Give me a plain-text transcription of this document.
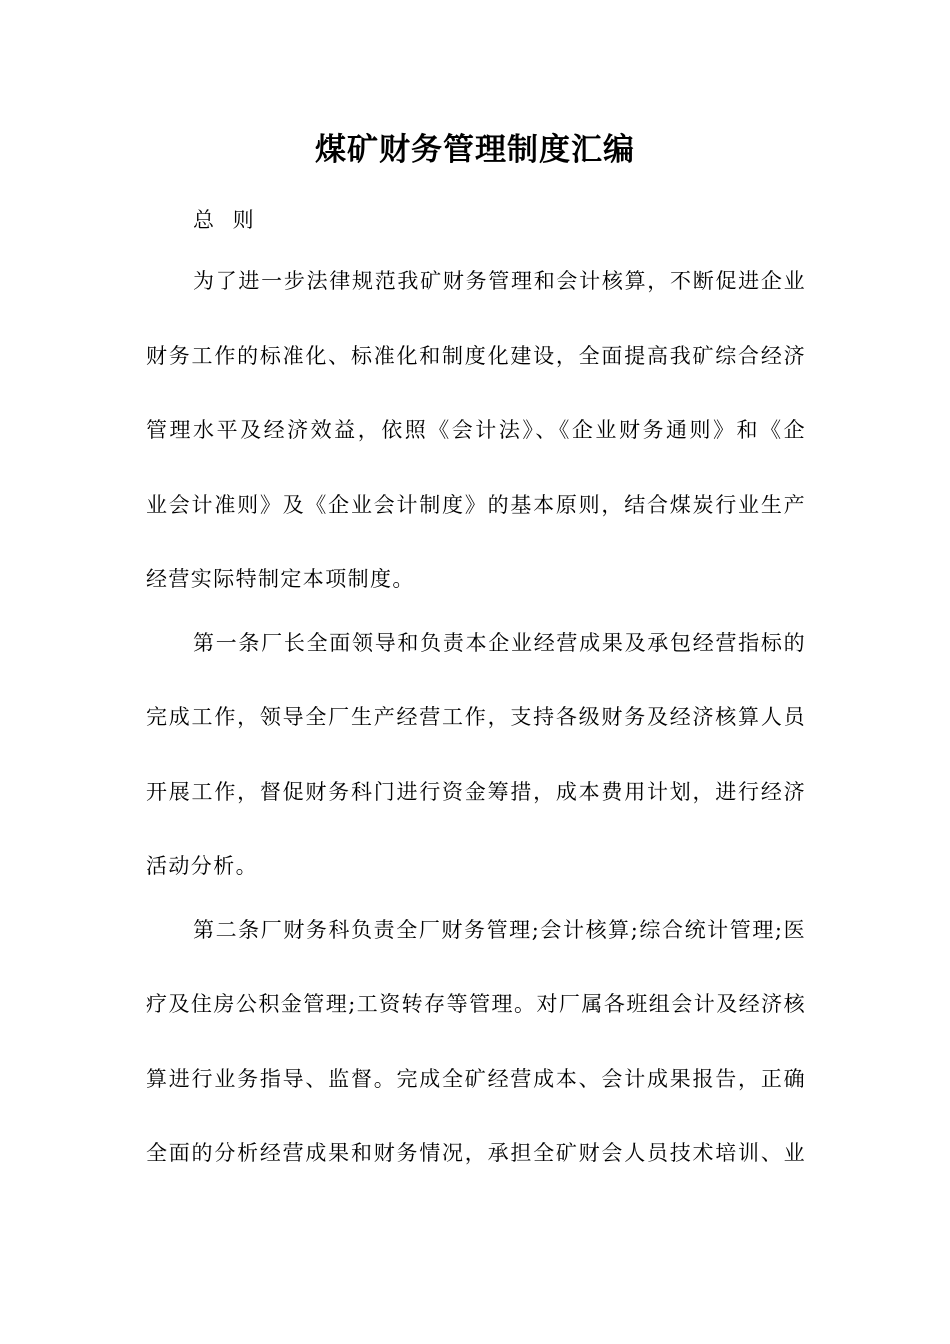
煤矿财务管理制度汇编
总 则
为了进一步法律规范我矿财务管理和会计核算，不断促进企业
财务工作的标准化、标准化和制度化建设，全面提高我矿综合经济
管理水平及经济效益，依照《会计法》、《企业财务通则》和《企
业会计准则》及《企业会计制度》的基本原则，结合煤炭行业生产
经营实际特制定本项制度。
第一条厂长全面领导和负责本企业经营成果及承包经营指标的
完成工作，领导全厂生产经营工作，支持各级财务及经济核算人员
开展工作，督促财务科门进行资金筹措，成本费用计划，进行经济
活动分析。
第二条厂财务科负责全厂财务管理;会计核算;综合统计管理;医
疗及住房公积金管理;工资转存等管理。对厂属各班组会计及经济核
算进行业务指导、监督。完成全矿经营成本、会计成果报告，正确
全面的分析经营成果和财务情况，承担全矿财会人员技术培训、业
